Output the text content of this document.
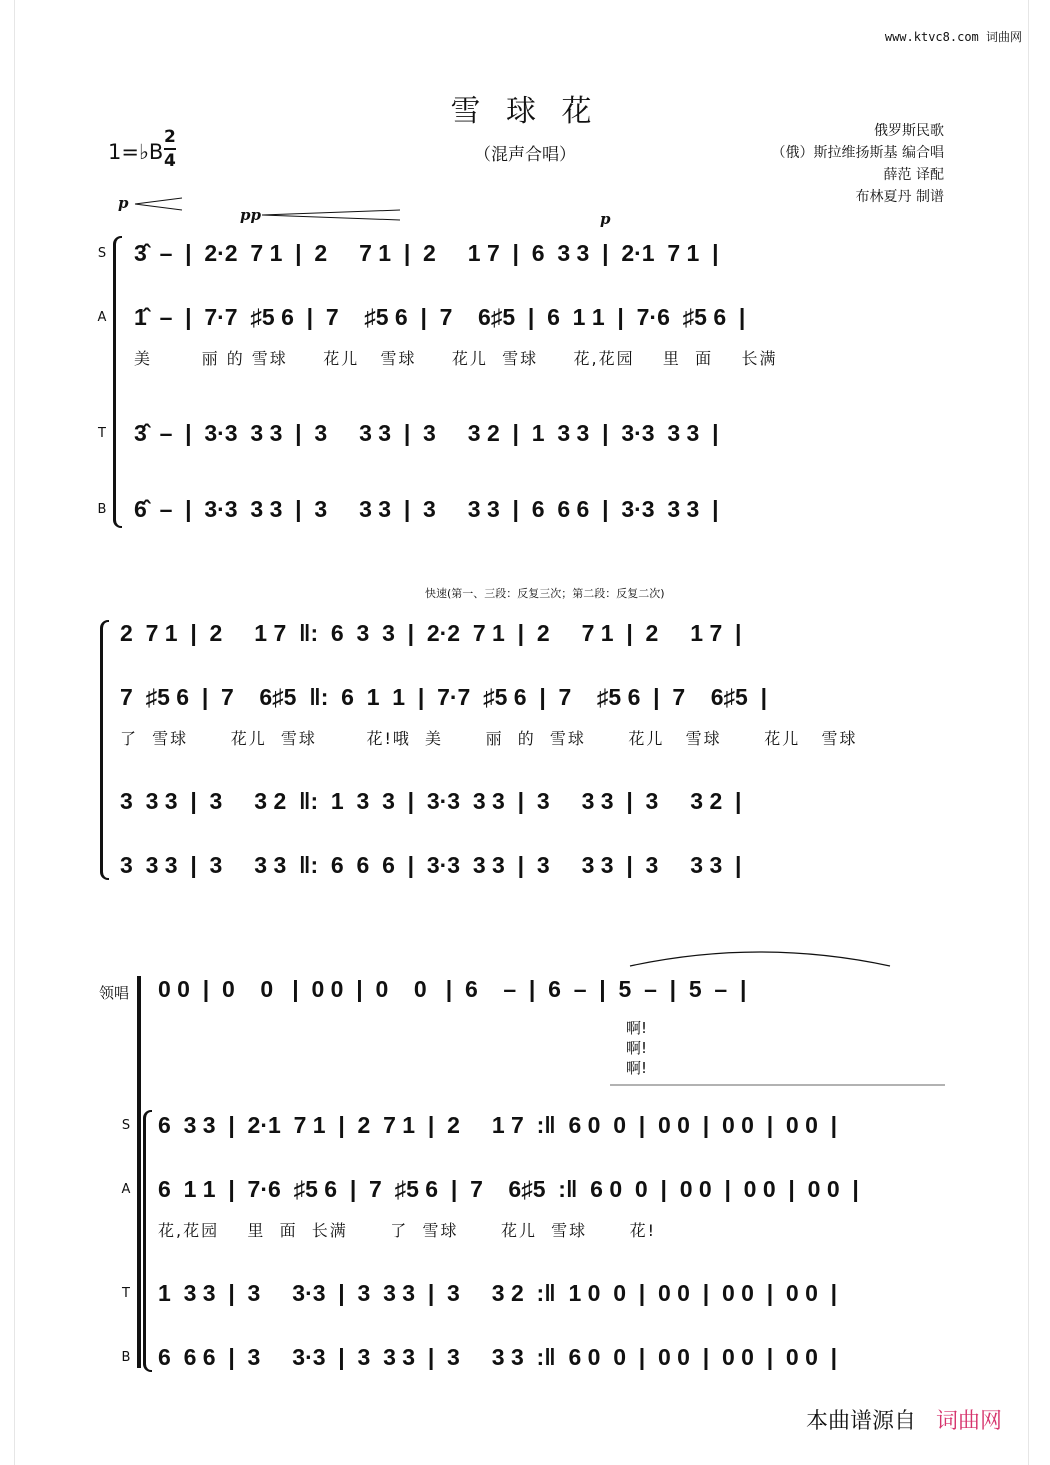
www.ktvc8.com 词曲网
雪 球 花
（混声合唱）
1=♭B
2
4
俄罗斯民歌
（俄）斯拉维扬斯基 编合唱
薛范 译配
布林夏丹 制谱
p
pp	p
S
A
T
B
3̂  –  |  2·2  7 1  |  2     7 1  |  2     1 7  |  6  3 3  |  2·1  7 1  |
1̂  –  |  7·7  ♯5 6  |  7    ♯5 6  |  7    6♯5  |  6  1 1  |  7·6  ♯5 6  |
美       丽 的 雪球     花儿   雪球     花儿  雪球     花,花园    里  面    长满
3̂  –  |  3·3  3 3  |  3     3 3  |  3     3 2  |  1  3 3  |  3·3  3 3  |
6̂  –  |  3·3  3 3  |  3     3 3  |  3     3 3  |  6  6 6  |  3·3  3 3  |
快速(第一、三段：反复三次；第二段：反复二次)
2  7 1  |  2     1 7  ‖:  6  3  3  |  2·2  7 1  |  2     7 1  |  2     1 7  |
7  ♯5 6  |  7    6♯5  ‖:  6  1  1  |  7·7  ♯5 6  |  7    ♯5 6  |  7    6♯5  |
了  雪球      花儿  雪球       花!哦  美      丽  的  雪球      花儿   雪球      花儿   雪球
3  3 3  |  3     3 2  ‖:  1  3  3  |  3·3  3 3  |  3     3 3  |  3     3 2  |
3  3 3  |  3     3 3  ‖:  6  6  6  |  3·3  3 3  |  3     3 3  |  3     3 3  |
领唱 0 0  |  0    0   |  0 0  |  0    0   |  6    –  |  6  –  |  5  –  |  5  –  |
啊!
啊!
啊!
S
A
T
B
6  3 3  |  2·1  7 1  |  2  7 1  |  2     1 7  :‖  6 0  0  |  0 0  |  0 0  |  0 0  |
6  1 1  |  7·6  ♯5 6  |  7  ♯5 6  |  7    6♯5  :‖  6 0  0  |  0 0  |  0 0  |  0 0  |
花,花园    里  面  长满      了  雪球      花儿  雪球      花!
1  3 3  |  3     3·3  |  3  3 3  |  3     3 2  :‖  1 0  0  |  0 0  |  0 0  |  0 0  |
6  6 6  |  3     3·3  |  3  3 3  |  3     3 3  :‖  6 0  0  |  0 0  |  0 0  |  0 0  |
本曲谱源自 词曲网
